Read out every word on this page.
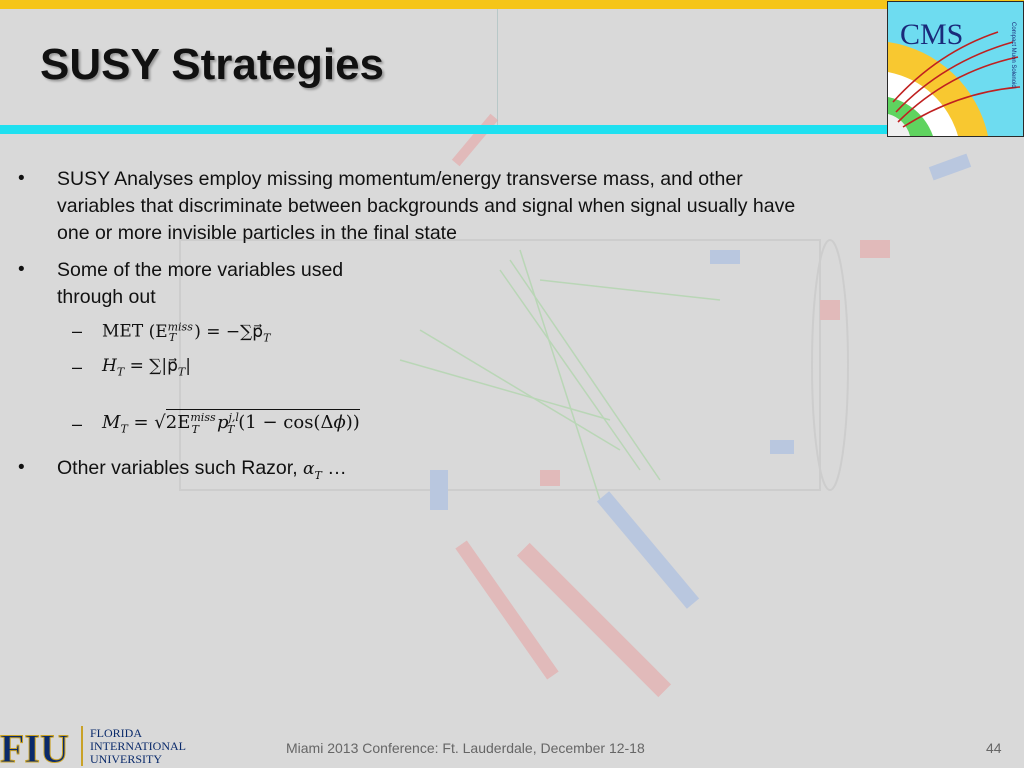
SUSY Strategies
CMS	Compact Muon Solenoid
• SUSY Analyses employ missing momentum/energy transverse mass, and other
variables that discriminate between backgrounds and signal when signal usually have
one or more invisible particles in the final state
• Some of the more variables used
through out
– MET ($E^{miss}_T$ ) = $-\sum p⃗_T$
– $H_T$ = $\sum|p⃗_T|$
– $M_T = √2E^{miss}_T$ $p^{j,l}_T$ (1 − cos(Δϕ))
• Other variables such Razor, $\alpha_T$ …
FIU FLORIDA
INTERNATIONAL
UNIVERSITY
Miami 2013 Conference: Ft. Lauderdale, December 12-18	44
